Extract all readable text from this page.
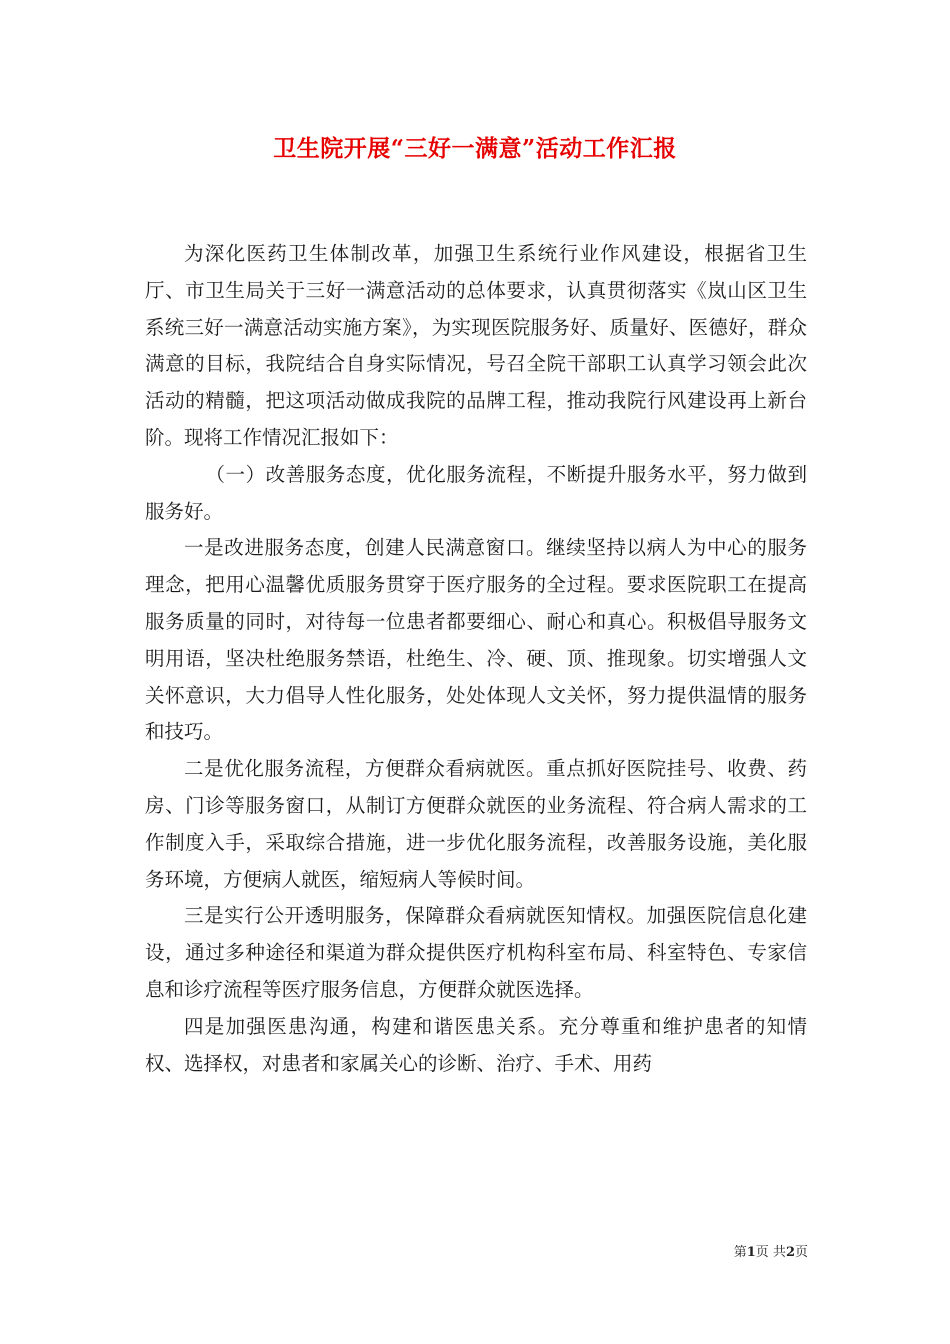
卫生院开展“三好一满意”活动工作汇报

为深化医药卫生体制改革，加强卫生系统行业作风建设，根据省卫生厅、市卫生局关于三好一满意活动的总体要求，认真贯彻落实《岚山区卫生系统三好一满意活动实施方案》，为实现医院服务好、质量好、医德好，群众满意的目标，我院结合自身实际情况，号召全院干部职工认真学习领会此次活动的精髓，把这项活动做成我院的品牌工程，推动我院行风建设再上新台阶。现将工作情况汇报如下：

（一）改善服务态度，优化服务流程，不断提升服务水平，努力做到服务好。

一是改进服务态度，创建人民满意窗口。继续坚持以病人为中心的服务理念，把用心温馨优质服务贯穿于医疗服务的全过程。要求医院职工在提高服务质量的同时，对待每一位患者都要细心、耐心和真心。积极倡导服务文明用语，坚决杜绝服务禁语，杜绝生、冷、硬、顶、推现象。切实增强人文关怀意识，大力倡导人性化服务，处处体现人文关怀，努力提供温情的服务和技巧。

二是优化服务流程，方便群众看病就医。重点抓好医院挂号、收费、药房、门诊等服务窗口，从制订方便群众就医的业务流程、符合病人需求的工作制度入手，采取综合措施，进一步优化服务流程，改善服务设施，美化服务环境，方便病人就医，缩短病人等候时间。

三是实行公开透明服务，保障群众看病就医知情权。加强医院信息化建设，通过多种途径和渠道为群众提供医疗机构科室布局、科室特色、专家信息和诊疗流程等医疗服务信息，方便群众就医选择。

四是加强医患沟通，构建和谐医患关系。充分尊重和维护患者的知情权、选择权，对患者和家属关心的诊断、治疗、手术、用药

第1页 共2页
